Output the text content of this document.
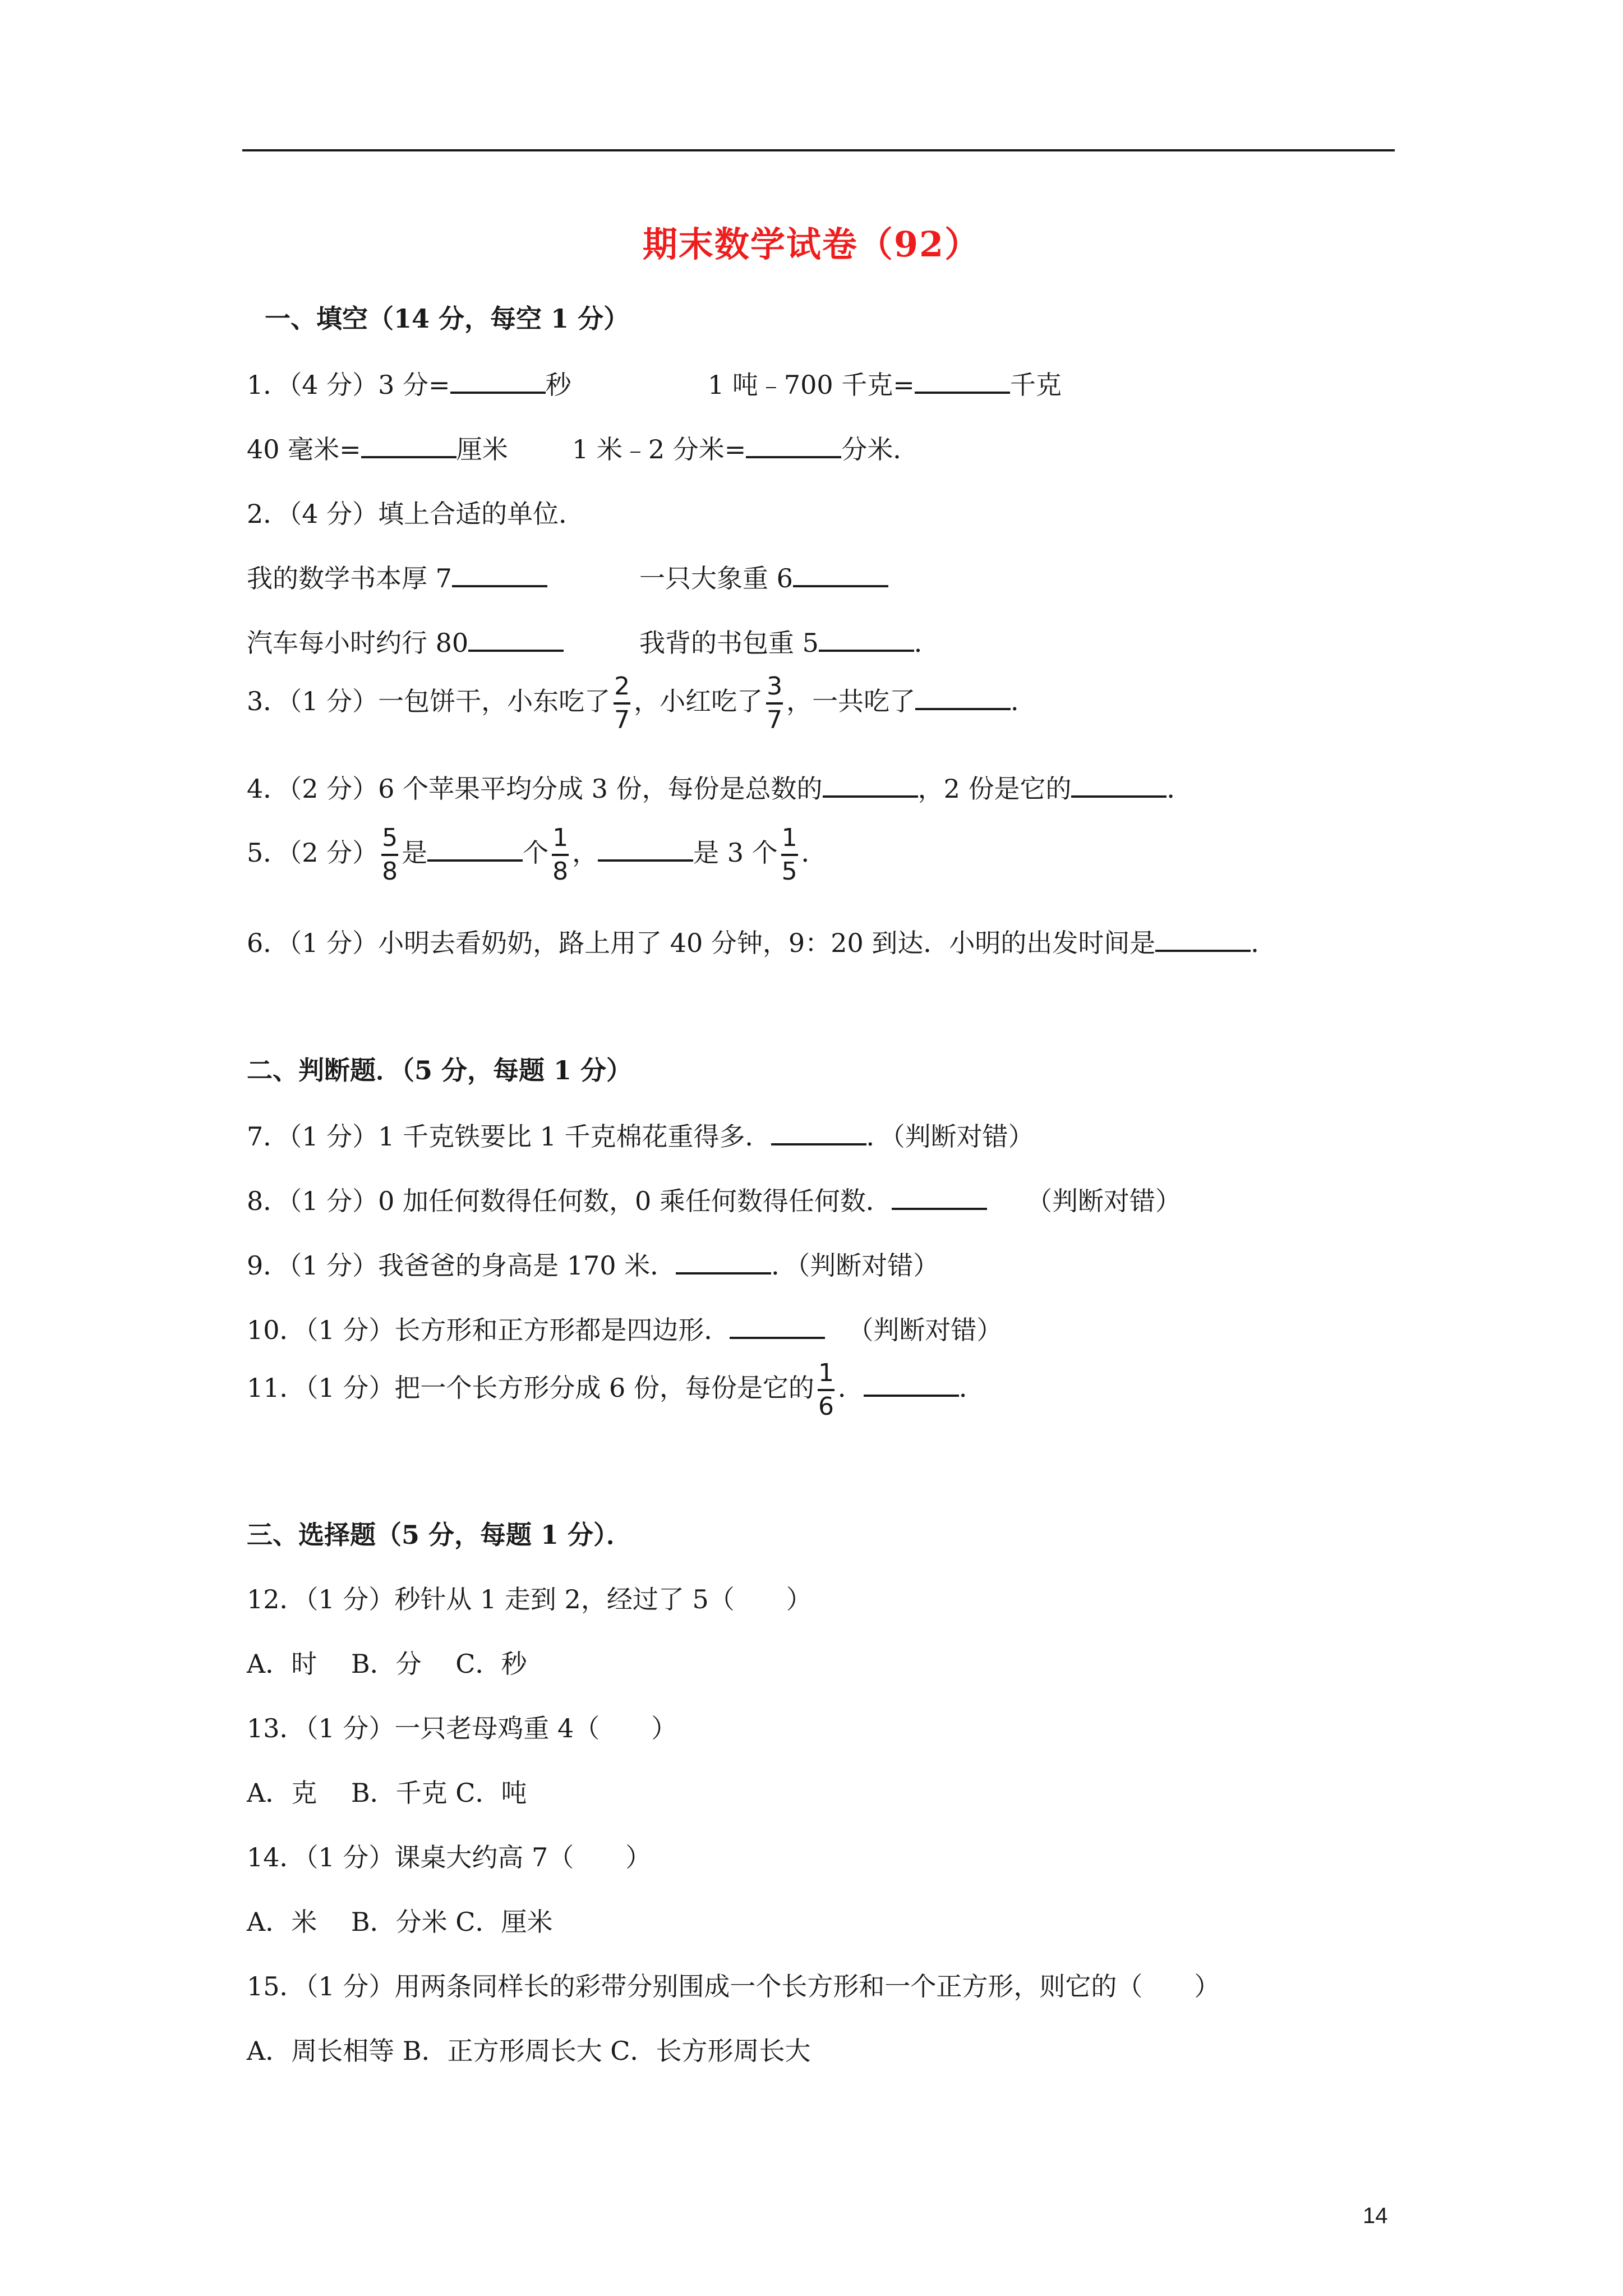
期末数学试卷（92）
一、填空（14 分，每空 1 分）
1．（4 分）3 分=	秒	1 吨﹣700 千克=	千克
40 毫米=	厘米 1 米﹣2 分米=	分米．
2．（4 分）填上合适的单位．
我的数学书本厚 7	一只大象重 6
汽车每小时约行 80	我背的书包重 5	．
3．（1 分）一包饼干，小东吃了 $\frac{2}{7}$ ，小红吃了 $\frac{3}{7}$ ，一共吃了	．
4．（2 分）6 个苹果平均分成 3 份，每份是总数的	，2 份是它的	．
5．（2 分） $\frac{5}{8}$ 是	个 $\frac{1}{8}$ ，	是 3 个 $\frac{1}{5}$ ．
6．（1 分）小明去看奶奶，路上用了 40 分钟，9：20 到达．小明的出发时间是	．
二、判断题．（5 分，每题 1 分）
7．（1 分）1 千克铁要比 1 千克棉花重得多．	．（判断对错）
8．（1 分）0 加任何数得任何数，0 乘任何数得任何数．	（判断对错）
9．（1 分）我爸爸的身高是 170 米．	．（判断对错）
10．（1 分）长方形和正方形都是四边形．	（判断对错）
11．（1 分）把一个长方形分成 6 份，每份是它的 $\frac{1}{6}$ ．	．
三、选择题（5 分，每题 1 分）．
12．（1 分）秒针从 1 走到 2，经过了 5（　　）
A．时　 B．分　 C．秒
13．（1 分）一只老母鸡重 4（　　）
A．克　 B．千克 C．吨
14．（1 分）课桌大约高 7（　　）
A．米　 B．分米 C．厘米
15．（1 分）用两条同样长的彩带分别围成一个长方形和一个正方形，则它的（　　）
A．周长相等 B．正方形周长大 C．长方形周长大
14
